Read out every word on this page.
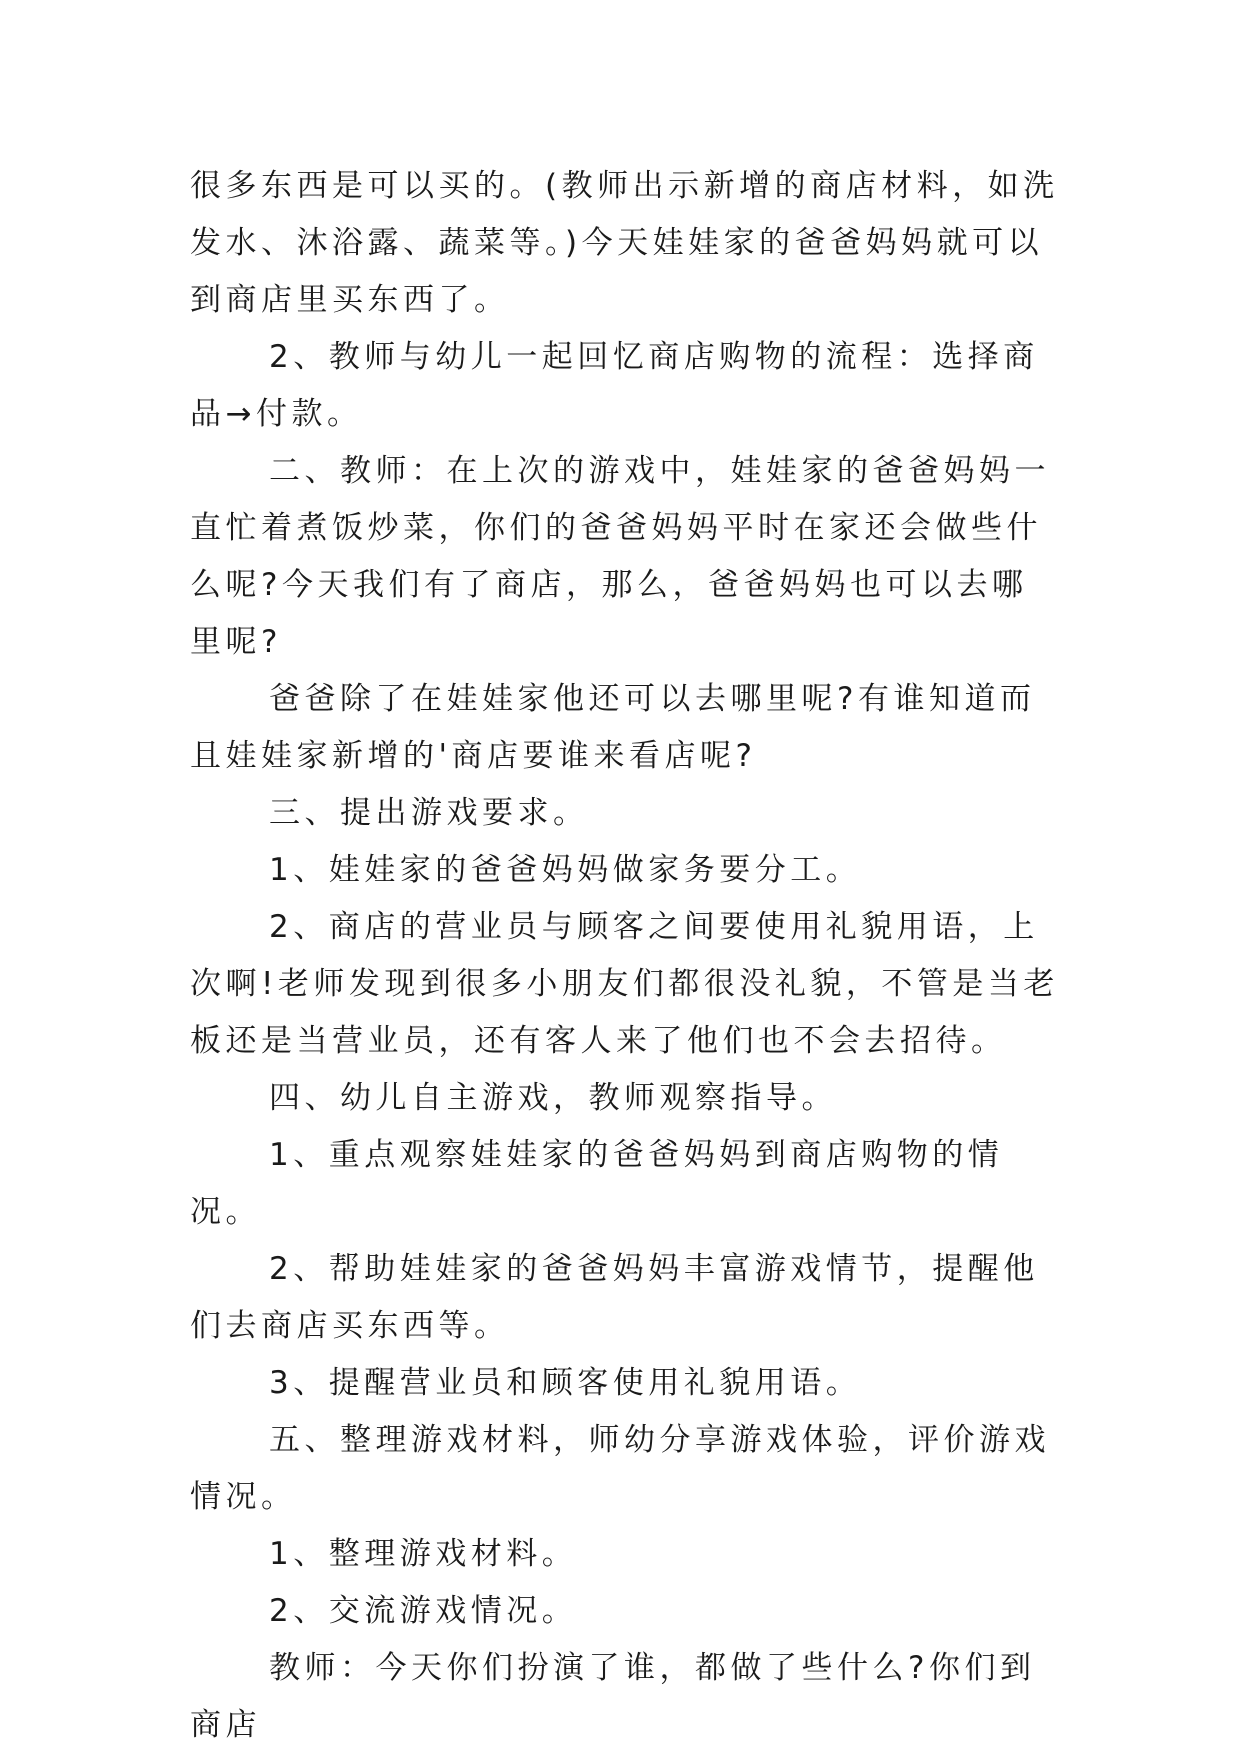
很多东西是可以买的。(教师出示新增的商店材料，如洗发水、沐浴露、蔬菜等。)今天娃娃家的爸爸妈妈就可以到商店里买东西了。

2、教师与幼儿一起回忆商店购物的流程：选择商品→付款。

二、教师：在上次的游戏中，娃娃家的爸爸妈妈一直忙着煮饭炒菜，你们的爸爸妈妈平时在家还会做些什么呢?今天我们有了商店，那么，爸爸妈妈也可以去哪里呢?

爸爸除了在娃娃家他还可以去哪里呢?有谁知道而且娃娃家新增的'商店要谁来看店呢?

三、提出游戏要求。

1、娃娃家的爸爸妈妈做家务要分工。

2、商店的营业员与顾客之间要使用礼貌用语，上次啊!老师发现到很多小朋友们都很没礼貌，不管是当老板还是当营业员，还有客人来了他们也不会去招待。

四、幼儿自主游戏，教师观察指导。

1、重点观察娃娃家的爸爸妈妈到商店购物的情况。

2、帮助娃娃家的爸爸妈妈丰富游戏情节，提醒他们去商店买东西等。

3、提醒营业员和顾客使用礼貌用语。

五、整理游戏材料，师幼分享游戏体验，评价游戏情况。

1、整理游戏材料。

2、交流游戏情况。

教师：今天你们扮演了谁，都做了些什么?你们到商店
